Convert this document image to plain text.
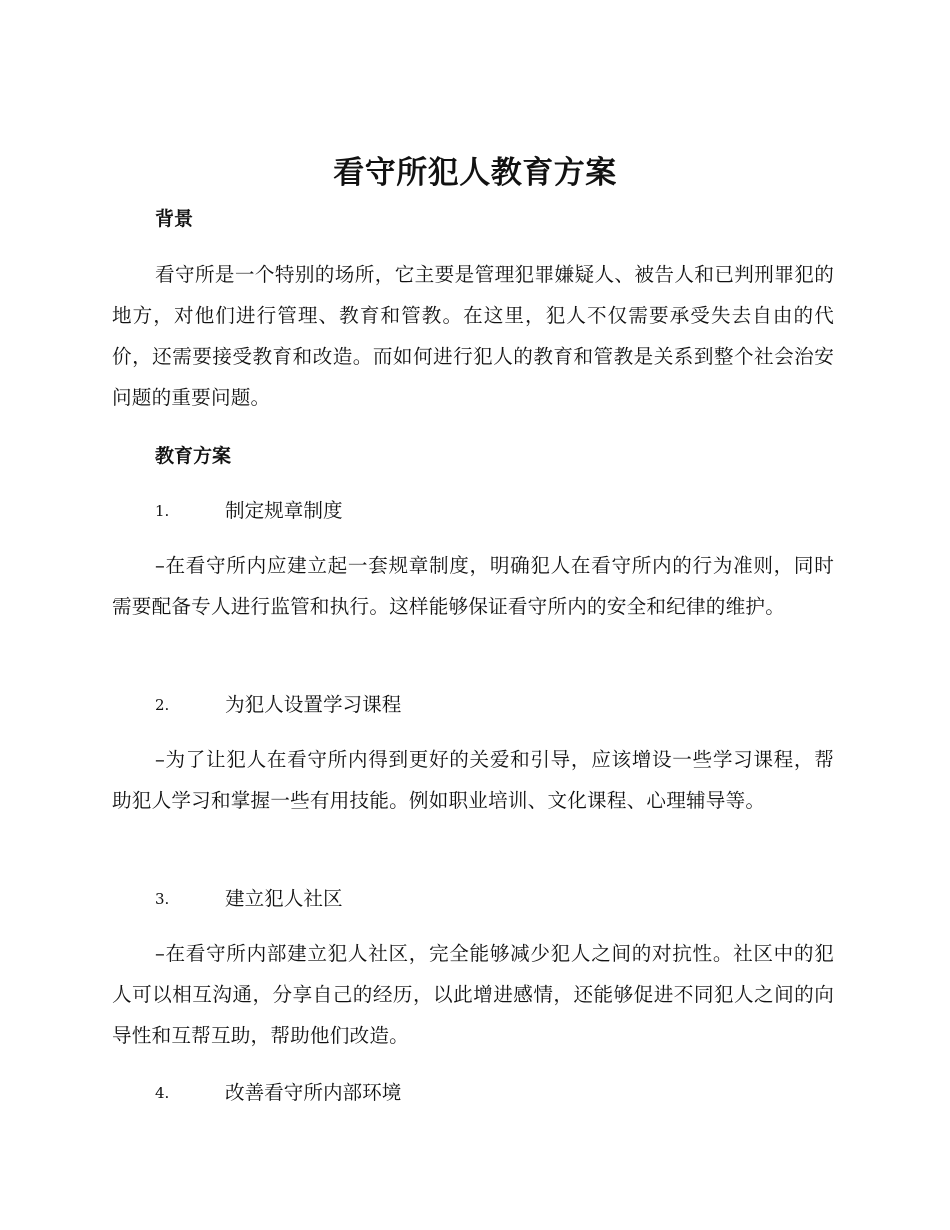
看守所犯人教育方案
背景

看守所是一个特别的场所，它主要是管理犯罪嫌疑人、被告人和已判刑罪犯的地方，对他们进行管理、教育和管教。在这里，犯人不仅需要承受失去自由的代价，还需要接受教育和改造。而如何进行犯人的教育和管教是关系到整个社会治安问题的重要问题。

教育方案
1.	制定规章制度

–在看守所内应建立起一套规章制度，明确犯人在看守所内的行为准则，同时需要配备专人进行监管和执行。这样能够保证看守所内的安全和纪律的维护。

2.	为犯人设置学习课程

–为了让犯人在看守所内得到更好的关爱和引导，应该增设一些学习课程，帮助犯人学习和掌握一些有用技能。例如职业培训、文化课程、心理辅导等。

3.	建立犯人社区

–在看守所内部建立犯人社区，完全能够减少犯人之间的对抗性。社区中的犯人可以相互沟通，分享自己的经历，以此增进感情，还能够促进不同犯人之间的向导性和互帮互助，帮助他们改造。

4.	改善看守所内部环境
